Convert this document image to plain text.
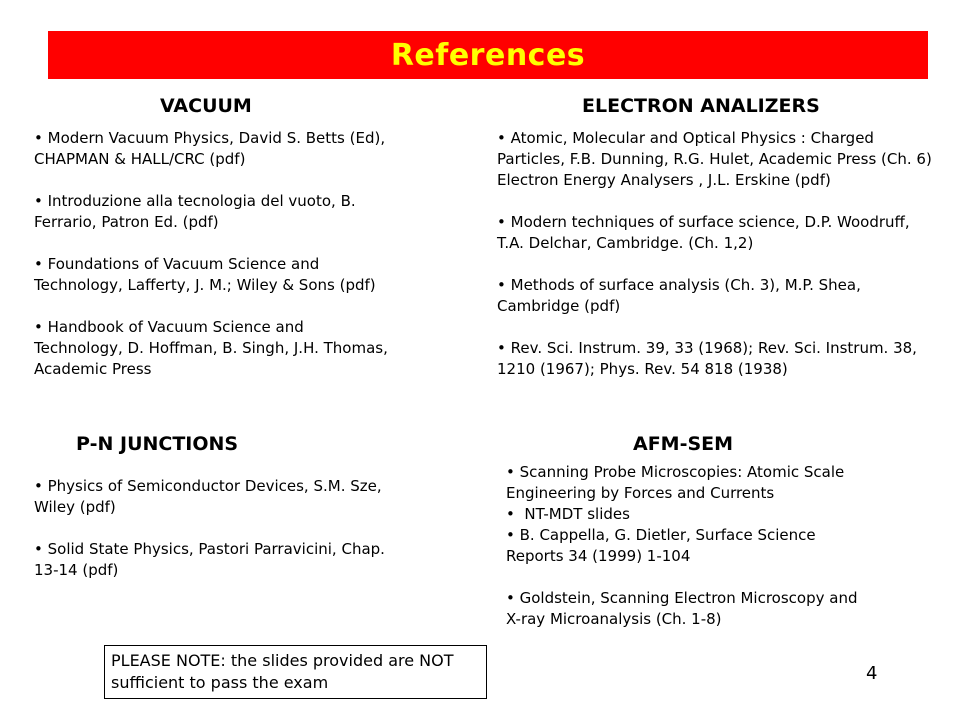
References
VACUUM
• Modern Vacuum Physics, David S. Betts (Ed), CHAPMAN & HALL/CRC (pdf)
• Introduzione alla tecnologia del vuoto, B. Ferrario, Patron Ed. (pdf)
• Foundations of Vacuum Science and Technology, Lafferty, J. M.; Wiley & Sons (pdf)
• Handbook of Vacuum Science and Technology, D. Hoffman, B. Singh, J.H. Thomas, Academic Press
ELECTRON ANALIZERS
• Atomic, Molecular and Optical Physics : Charged Particles, F.B. Dunning, R.G. Hulet, Academic Press (Ch. 6) Electron Energy Analysers , J.L. Erskine (pdf)
• Modern techniques of surface science, D.P. Woodruff, T.A. Delchar, Cambridge. (Ch. 1,2)
• Methods of surface analysis (Ch. 3), M.P. Shea, Cambridge (pdf)
• Rev. Sci. Instrum. 39, 33 (1968); Rev. Sci. Instrum. 38, 1210 (1967); Phys. Rev. 54 818 (1938)
P-N JUNCTIONS
• Physics of Semiconductor Devices, S.M. Sze, Wiley (pdf)
• Solid State Physics, Pastori Parravicini, Chap. 13-14 (pdf)
AFM-SEM
• Scanning Probe Microscopies: Atomic Scale Engineering by Forces and Currents
•  NT-MDT slides
• B. Cappella, G. Dietler, Surface Science Reports 34 (1999) 1-104
• Goldstein, Scanning Electron Microscopy and X-ray Microanalysis (Ch. 1-8)
PLEASE NOTE: the slides provided are NOT sufficient to pass the exam	4
